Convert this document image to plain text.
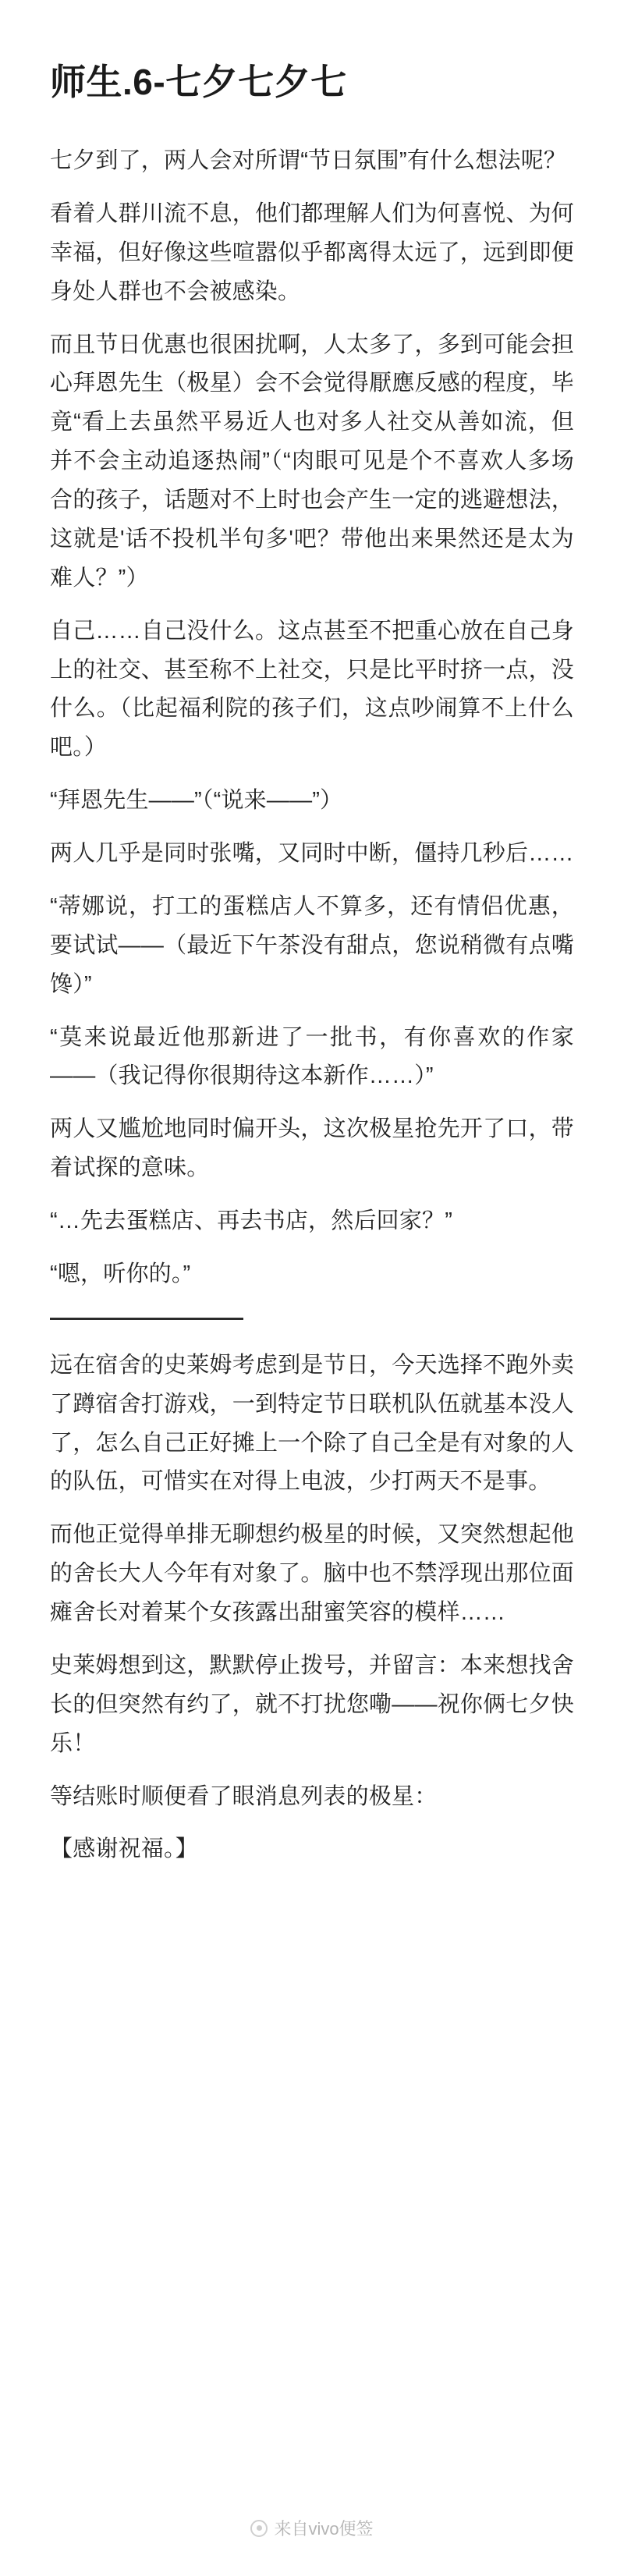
师生.6-七夕七夕七

七夕到了，两人会对所谓“节日氛围”有什么想法呢？

看着人群川流不息，他们都理解人们为何喜悦、为何幸福，但好像这些喧嚣似乎都离得太远了，远到即便身处人群也不会被感染。

而且节日优惠也很困扰啊，人太多了，多到可能会担心拜恩先生（极星）会不会觉得厭應反感的程度，毕竟“看上去虽然平易近人也对多人社交从善如流，但并不会主动追逐热闹”（“肉眼可见是个不喜欢人多场合的孩子，话题对不上时也会产生一定的逃避想法，这就是'话不投机半句多'吧？带他出来果然还是太为难人？”）

自己……自己没什么。这点甚至不把重心放在自己身上的社交、甚至称不上社交，只是比平时挤一点，没什么。（比起福利院的孩子们，这点吵闹算不上什么吧。）

“拜恩先生——”（“说来——”）

两人几乎是同时张嘴，又同时中断，僵持几秒后……

“蒂娜说，打工的蛋糕店人不算多，还有情侣优惠，要试试——（最近下午茶没有甜点，您说稍微有点嘴馋）”

“莫来说最近他那新进了一批书，有你喜欢的作家——（我记得你很期待这本新作……）”

两人又尴尬地同时偏开头，这次极星抢先开了口，带着试探的意味。

“…先去蛋糕店、再去书店，然后回家？”

“嗯，听你的。”

远在宿舍的史莱姆考虑到是节日，今天选择不跑外卖了蹲宿舍打游戏，一到特定节日联机队伍就基本没人了，怎么自己正好摊上一个除了自己全是有对象的人的队伍，可惜实在对得上电波，少打两天不是事。

而他正觉得单排无聊想约极星的时候，又突然想起他的舍长大人今年有对象了。脑中也不禁浮现出那位面瘫舍长对着某个女孩露出甜蜜笑容的模样……

史莱姆想到这，默默停止拨号，并留言：本来想找舍长的但突然有约了，就不打扰您嘞——祝你俩七夕快乐！

等结账时顺便看了眼消息列表的极星：

【感谢祝福。】

来自vivo便签
